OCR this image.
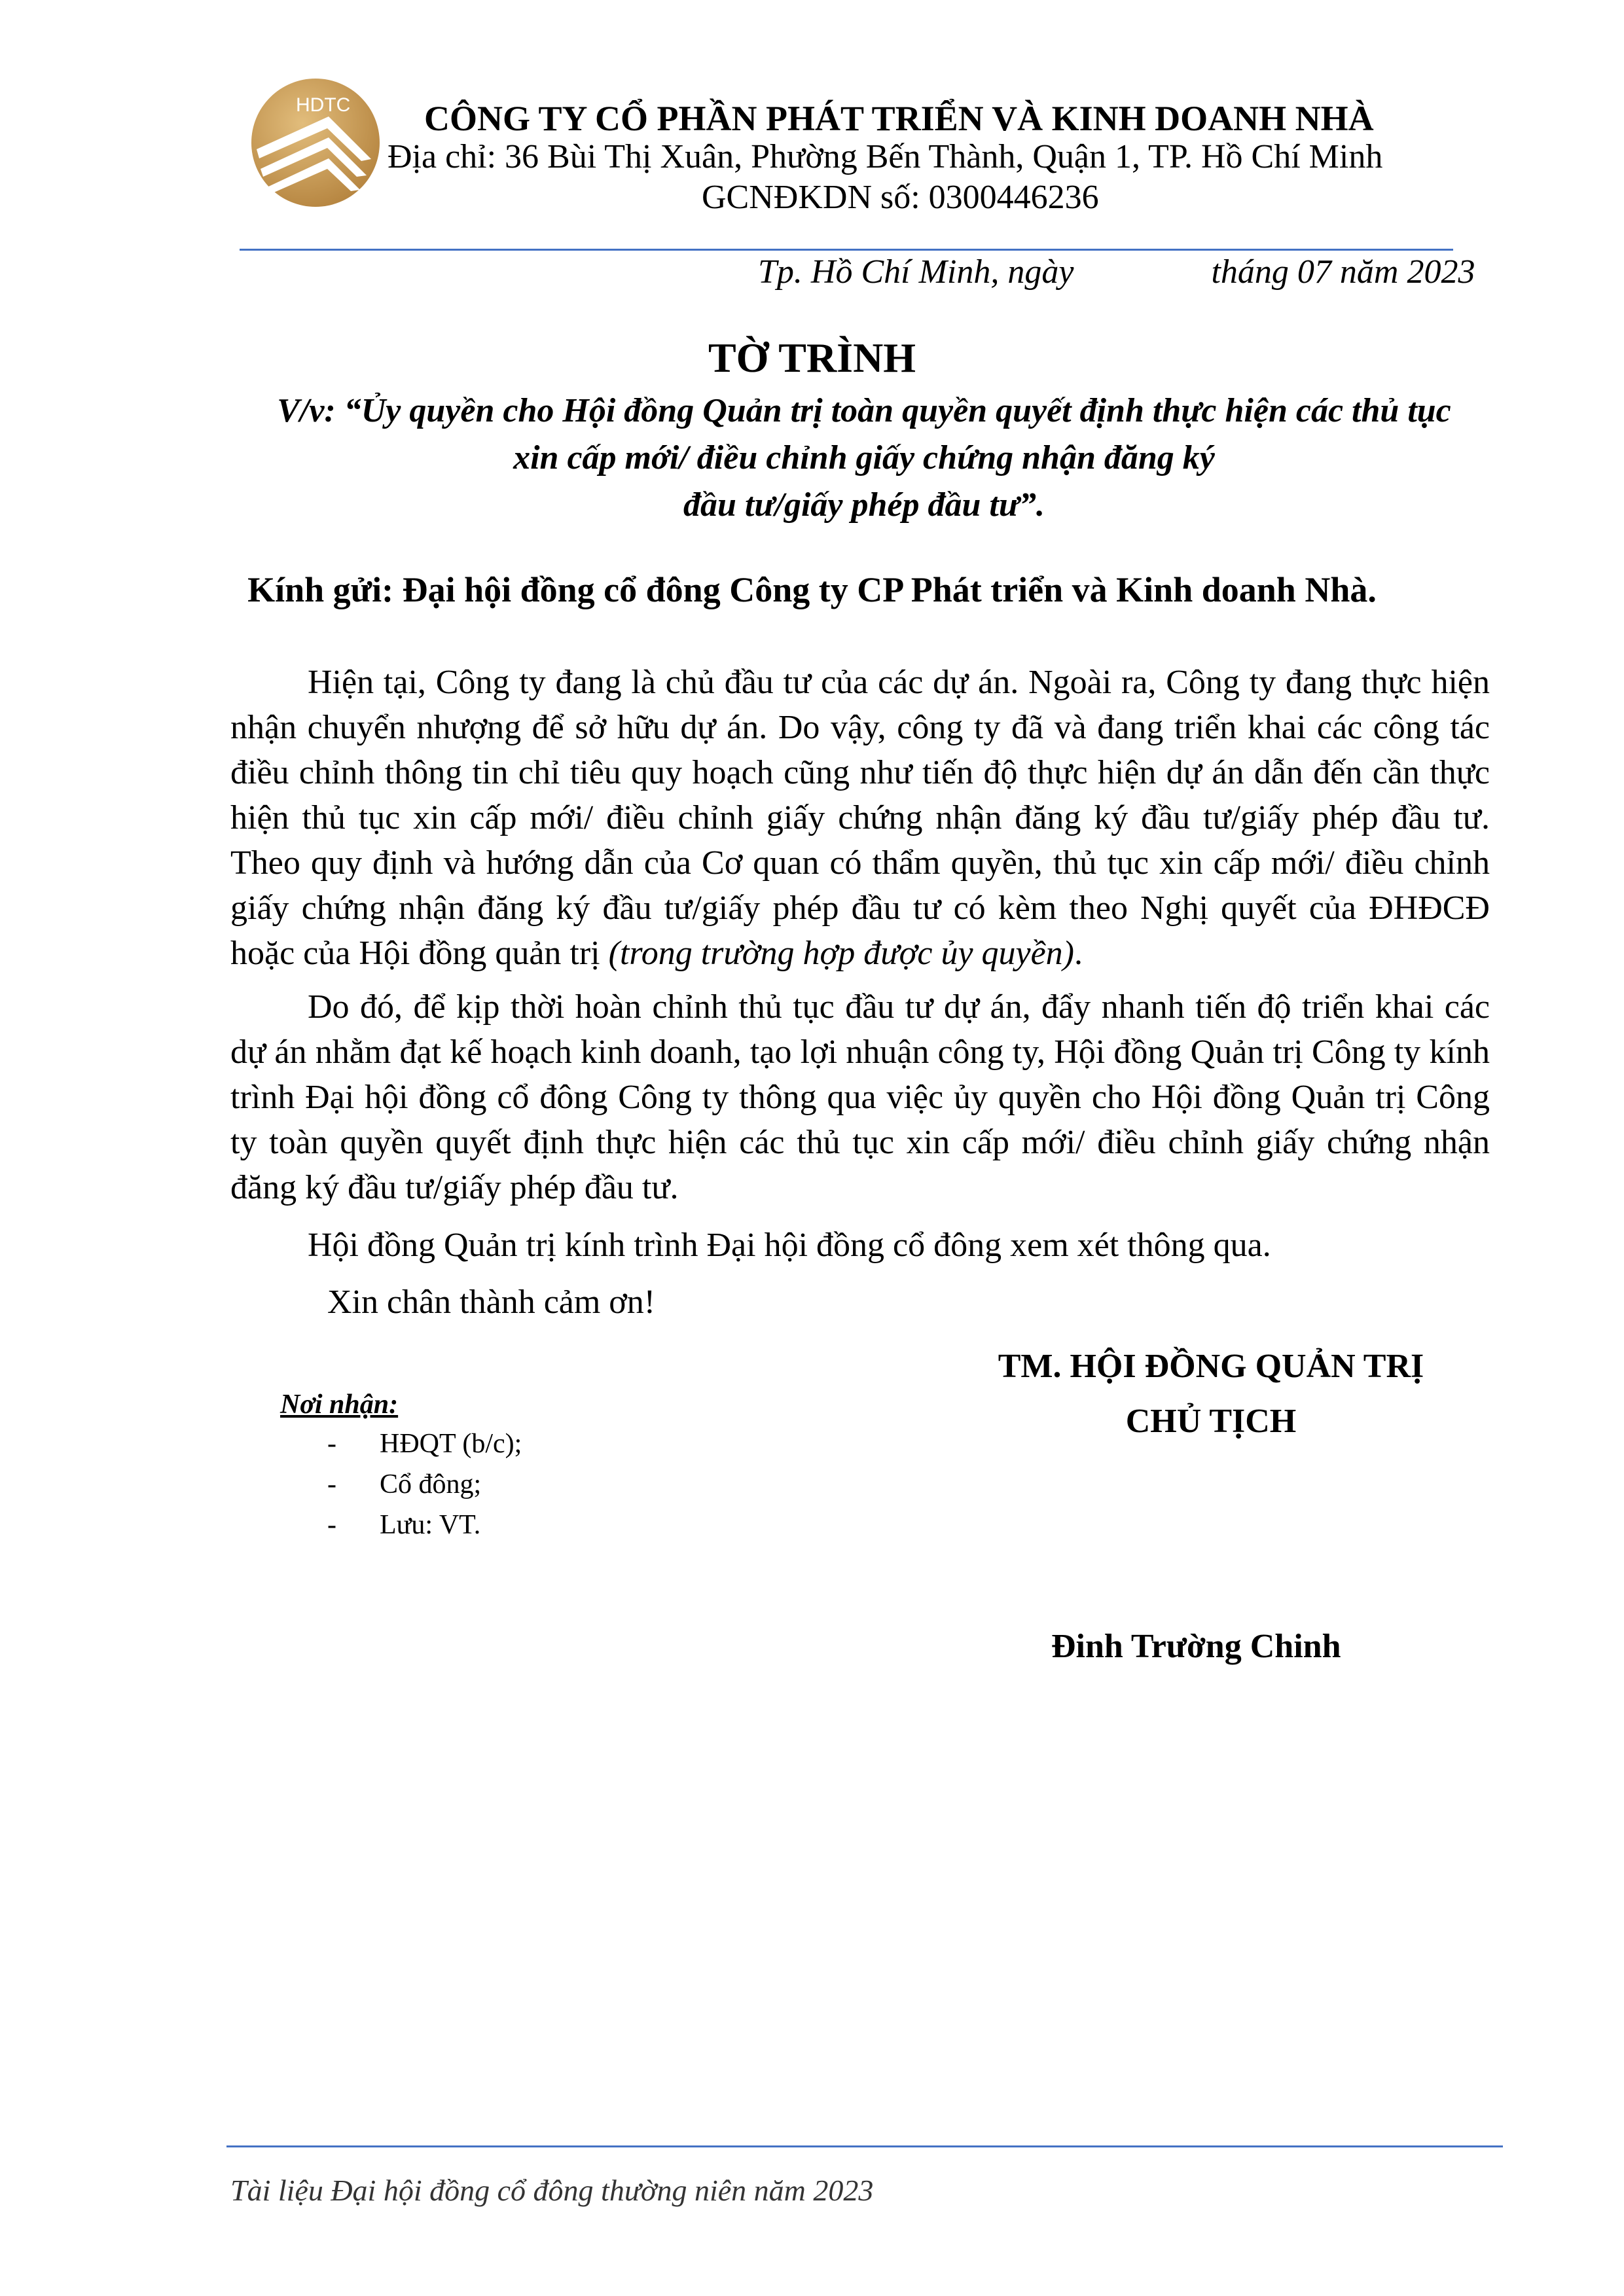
HDTC CÔNG TY CỔ PHẦN PHÁT TRIỂN VÀ KINH DOANH NHÀ
Địa chỉ: 36 Bùi Thị Xuân, Phường Bến Thành, Quận 1, TP. Hồ Chí Minh
GCNĐKDN số: 0300446236
Tp. Hồ Chí Minh, ngày	tháng 07 năm 2023
TỜ TRÌNH
V/v: “Ủy quyền cho Hội đồng Quản trị toàn quyền quyết định thực hiện các thủ tục
xin cấp mới/ điều chỉnh giấy chứng nhận đăng ký
đầu tư/giấy phép đầu tư”.
Kính gửi: Đại hội đồng cổ đông Công ty CP Phát triển và Kinh doanh Nhà.
Hiện tại, Công ty đang là chủ đầu tư của các dự án. Ngoài ra, Công ty đang thực hiện nhận chuyển nhượng để sở hữu dự án. Do vậy, công ty đã và đang triển khai các công tác điều chỉnh thông tin chỉ tiêu quy hoạch cũng như tiến độ thực hiện dự án dẫn đến cần thực hiện thủ tục xin cấp mới/ điều chỉnh giấy chứng nhận đăng ký đầu tư/giấy phép đầu tư. Theo quy định và hướng dẫn của Cơ quan có thẩm quyền, thủ tục xin cấp mới/ điều chỉnh giấy chứng nhận đăng ký đầu tư/giấy phép đầu tư có kèm theo Nghị quyết của ĐHĐCĐ hoặc của Hội đồng quản trị (trong trường hợp được ủy quyền).
Do đó, để kịp thời hoàn chỉnh thủ tục đầu tư dự án, đẩy nhanh tiến độ triển khai các dự án nhằm đạt kế hoạch kinh doanh, tạo lợi nhuận công ty, Hội đồng Quản trị Công ty kính trình Đại hội đồng cổ đông Công ty thông qua việc ủy quyền cho Hội đồng Quản trị Công ty toàn quyền quyết định thực hiện các thủ tục xin cấp mới/ điều chỉnh giấy chứng nhận đăng ký đầu tư/giấy phép đầu tư.
Hội đồng Quản trị kính trình Đại hội đồng cổ đông xem xét thông qua.
Xin chân thành cảm ơn!
TM. HỘI ĐỒNG QUẢN TRỊ
CHỦ TỊCH
Đinh Trường Chinh
Nơi nhận:
- HĐQT (b/c);
- Cổ đông;
- Lưu: VT.
Tài liệu Đại hội đồng cổ đông thường niên năm 2023
